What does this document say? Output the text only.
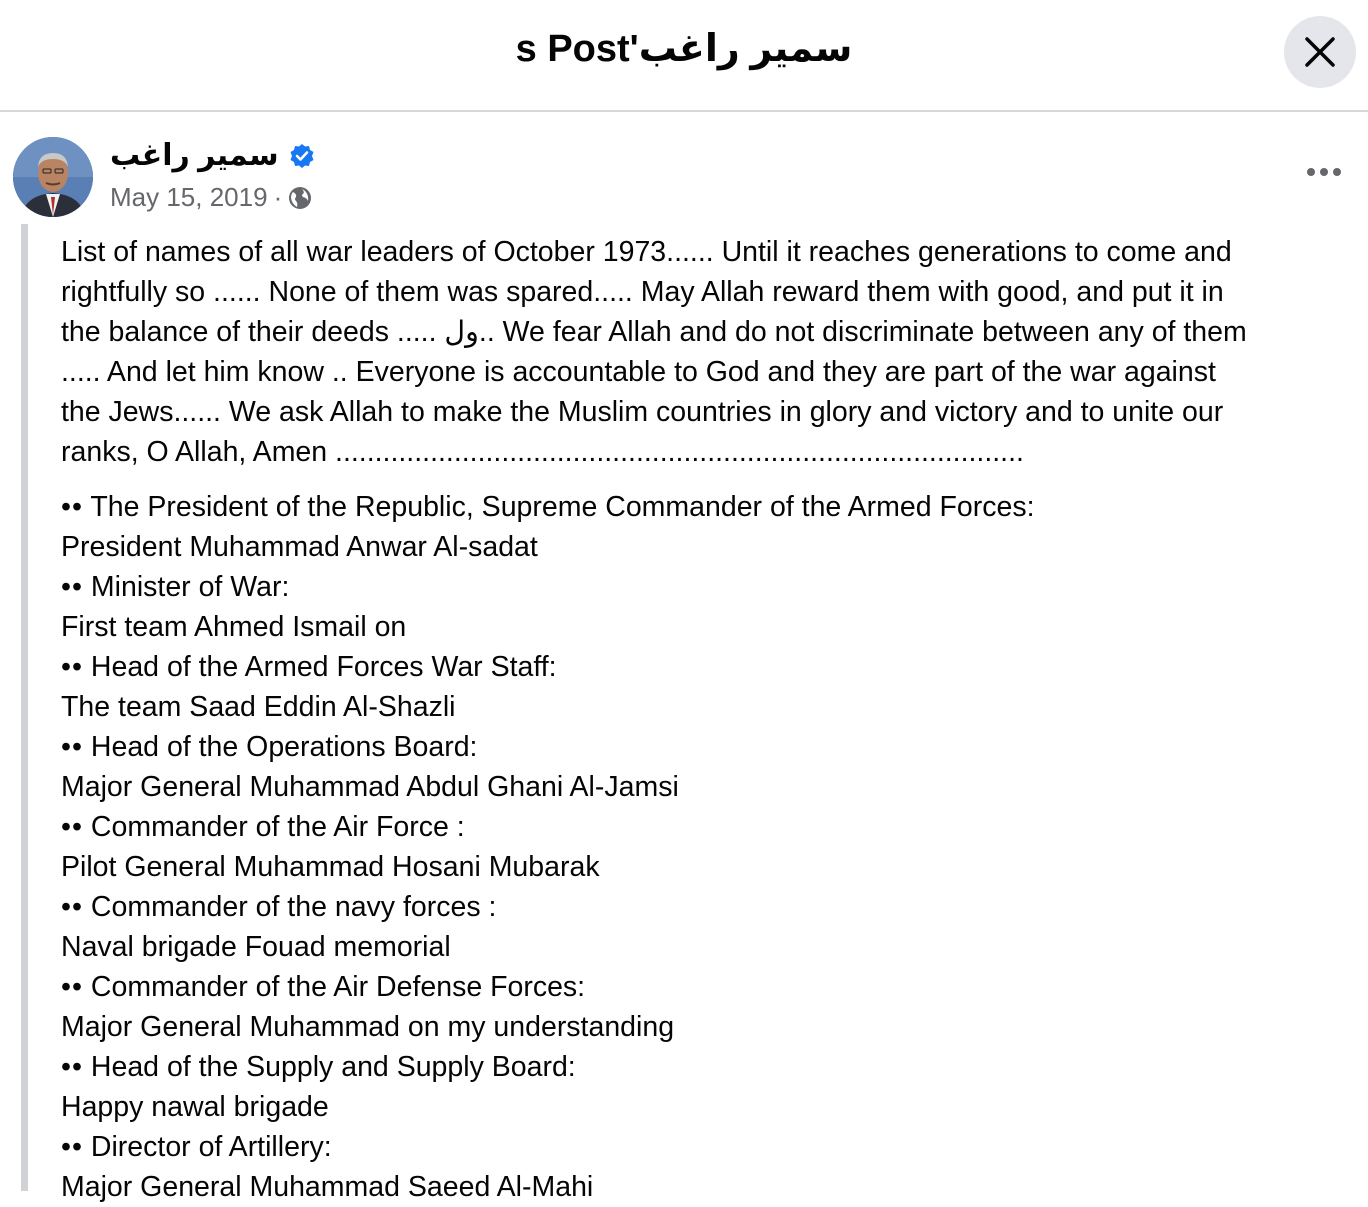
سمير راغب's Post
سمير راغب
May 15, 2019 ·
List of names of all war leaders of October 1973...... Until it reaches generations to come and
rightfully so ...... None of them was spared..... May Allah reward them with good, and put it in
the balance of their deeds ..... ول.. We fear Allah and do not discriminate between any of them
..... And let him know .. Everyone is accountable to God and they are part of the war against
the Jews...... We ask Allah to make the Muslim countries in glory and victory and to unite our
ranks, O Allah, Amen .......................................................................................
•• The President of the Republic, Supreme Commander of the Armed Forces:
President Muhammad Anwar Al-sadat
•• Minister of War:
First team Ahmed Ismail on
•• Head of the Armed Forces War Staff:
The team Saad Eddin Al-Shazli
•• Head of the Operations Board:
Major General Muhammad Abdul Ghani Al-Jamsi
•• Commander of the Air Force :
Pilot General Muhammad Hosani Mubarak
•• Commander of the navy forces :
Naval brigade Fouad memorial
•• Commander of the Air Defense Forces:
Major General Muhammad on my understanding
•• Head of the Supply and Supply Board:
Happy nawal brigade
•• Director of Artillery:
Major General Muhammad Saeed Al-Mahi
